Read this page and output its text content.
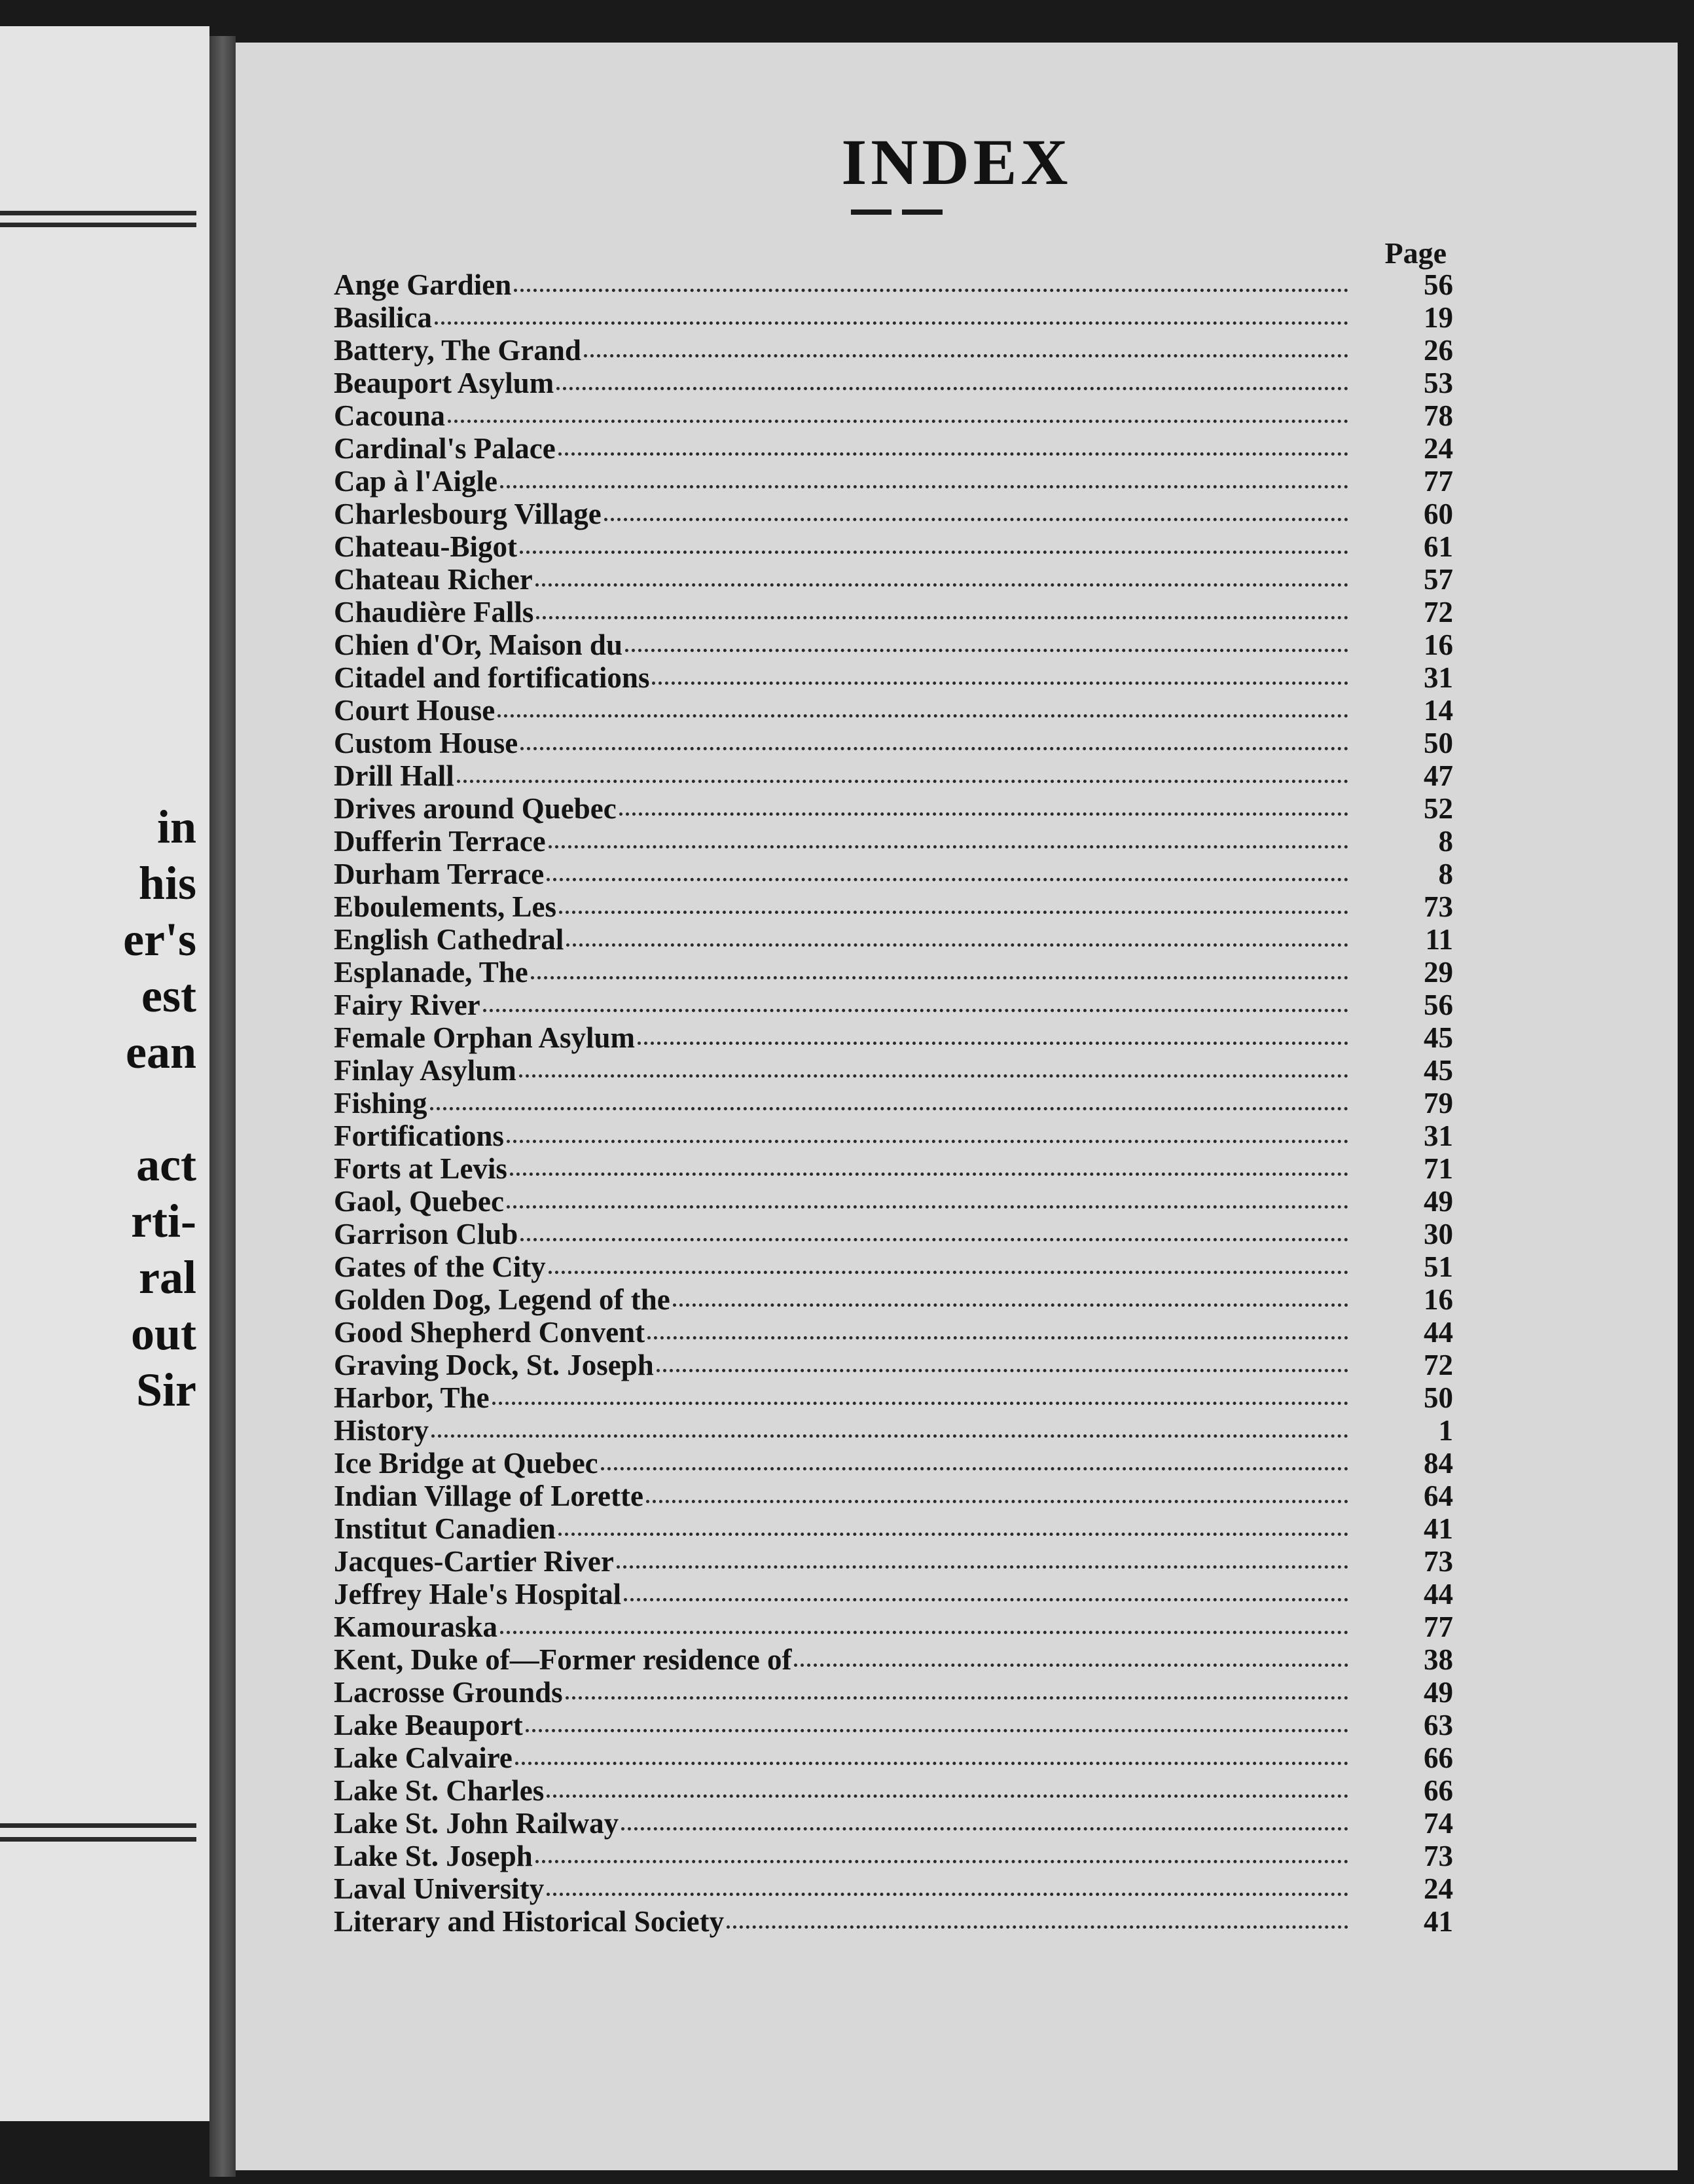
in
his
er's
est
ean
act
rti-
ral
out
Sir
INDEX
Page
Ange Gardien	56
Basilica	19
Battery, The Grand	26
Beauport Asylum	53
Cacouna	78
Cardinal's Palace	24
Cap à l'Aigle	77
Charlesbourg Village	60
Chateau-Bigot	61
Chateau Richer	57
Chaudière Falls	72
Chien d'Or, Maison du	16
Citadel and fortifications	31
Court House	14
Custom House	50
Drill Hall	47
Drives around Quebec	52
Dufferin Terrace	8
Durham Terrace	8
Eboulements, Les	73
English Cathedral	11
Esplanade, The	29
Fairy River	56
Female Orphan Asylum	45
Finlay Asylum	45
Fishing	79
Fortifications	31
Forts at Levis	71
Gaol, Quebec	49
Garrison Club	30
Gates of the City	51
Golden Dog, Legend of the	16
Good Shepherd Convent	44
Graving Dock, St. Joseph	72
Harbor, The	50
History	1
Ice Bridge at Quebec	84
Indian Village of Lorette	64
Institut Canadien	41
Jacques-Cartier River	73
Jeffrey Hale's Hospital	44
Kamouraska	77
Kent, Duke of—Former residence of	38
Lacrosse Grounds	49
Lake Beauport	63
Lake Calvaire	66
Lake St. Charles	66
Lake St. John Railway	74
Lake St. Joseph	73
Laval University	24
Literary and Historical Society	41
